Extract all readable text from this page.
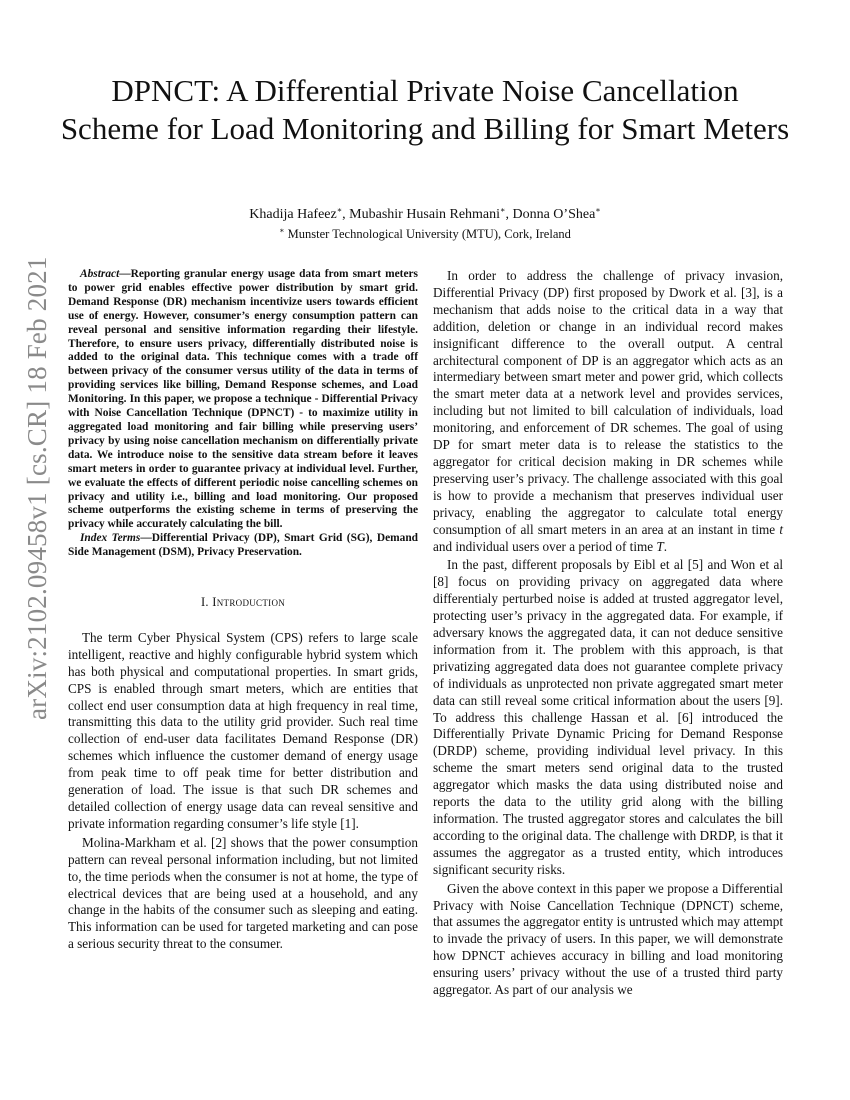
arXiv:2102.09458v1 [cs.CR] 18 Feb 2021
DPNCT: A Differential Private Noise Cancellation Scheme for Load Monitoring and Billing for Smart Meters
Khadija Hafeez∗, Mubashir Husain Rehmani∗, Donna O’Shea∗
∗ Munster Technological University (MTU), Cork, Ireland

Abstract—Reporting granular energy usage data from smart meters to power grid enables effective power distribution by smart grid. Demand Response (DR) mechanism incentivize users towards efficient use of energy. However, consumer’s energy consumption pattern can reveal personal and sensitive information regarding their lifestyle. Therefore, to ensure users privacy, differentially distributed noise is added to the original data. This technique comes with a trade off between privacy of the consumer versus utility of the data in terms of providing services like billing, Demand Response schemes, and Load Monitoring. In this paper, we propose a technique - Differential Privacy with Noise Cancellation Technique (DPNCT) - to maximize utility in aggregated load monitoring and fair billing while preserving users’ privacy by using noise cancellation mechanism on differentially private data. We introduce noise to the sensitive data stream before it leaves smart meters in order to guarantee privacy at individual level. Further, we evaluate the effects of different periodic noise cancelling schemes on privacy and utility i.e., billing and load monitoring. Our proposed scheme outperforms the existing scheme in terms of preserving the privacy while accurately calculating the bill.

Index Terms—Differential Privacy (DP), Smart Grid (SG), Demand Side Management (DSM), Privacy Preservation.

I. Introduction

The term Cyber Physical System (CPS) refers to large scale intelligent, reactive and highly configurable hybrid system which has both physical and computational properties. In smart grids, CPS is enabled through smart meters, which are entities that collect end user consumption data at high frequency in real time, transmitting this data to the utility grid provider. Such real time collection of end-user data facilitates Demand Response (DR) schemes which influence the customer demand of energy usage from peak time to off peak time for better distribution and generation of load. The issue is that such DR schemes and detailed collection of energy usage data can reveal sensitive and private information regarding consumer’s life style [1].

Molina-Markham et al. [2] shows that the power consumption pattern can reveal personal information including, but not limited to, the time periods when the consumer is not at home, the type of electrical devices that are being used at a household, and any change in the habits of the consumer such as sleeping and eating. This information can be used for targeted marketing and can pose a serious security threat to the consumer.

In order to address the challenge of privacy invasion, Differential Privacy (DP) first proposed by Dwork et al. [3], is a mechanism that adds noise to the critical data in a way that addition, deletion or change in an individual record makes insignificant difference to the overall output. A central architectural component of DP is an aggregator which acts as an intermediary between smart meter and power grid, which collects the smart meter data at a network level and provides services, including but not limited to bill calculation of individuals, load monitoring, and enforcement of DR schemes. The goal of using DP for smart meter data is to release the statistics to the aggregator for critical decision making in DR schemes while preserving user’s privacy. The challenge associated with this goal is how to provide a mechanism that preserves individual user privacy, enabling the aggregator to calculate total energy consumption of all smart meters in an area at an instant in time t and individual users over a period of time T.

In the past, different proposals by Eibl et al [5] and Won et al [8] focus on providing privacy on aggregated data where differentialy perturbed noise is added at trusted aggregator level, protecting user’s privacy in the aggregated data. For example, if adversary knows the aggregated data, it can not deduce sensitive information from it. The problem with this approach, is that privatizing aggregated data does not guarantee complete privacy of individuals as unprotected non private aggregated smart meter data can still reveal some critical information about the users [9]. To address this challenge Hassan et al. [6] introduced the Differentially Private Dynamic Pricing for Demand Response (DRDP) scheme, providing individual level privacy. In this scheme the smart meters send original data to the trusted aggregator which masks the data using distributed noise and reports the data to the utility grid along with the billing information. The trusted aggregator stores and calculates the bill according to the original data. The challenge with DRDP, is that it assumes the aggregator as a trusted entity, which introduces significant security risks.

Given the above context in this paper we propose a Differential Privacy with Noise Cancellation Technique (DPNCT) scheme, that assumes the aggregator entity is untrusted which may attempt to invade the privacy of users. In this paper, we will demonstrate how DPNCT achieves accuracy in billing and load monitoring ensuring users’ privacy without the use of a trusted third party aggregator. As part of our analysis we
